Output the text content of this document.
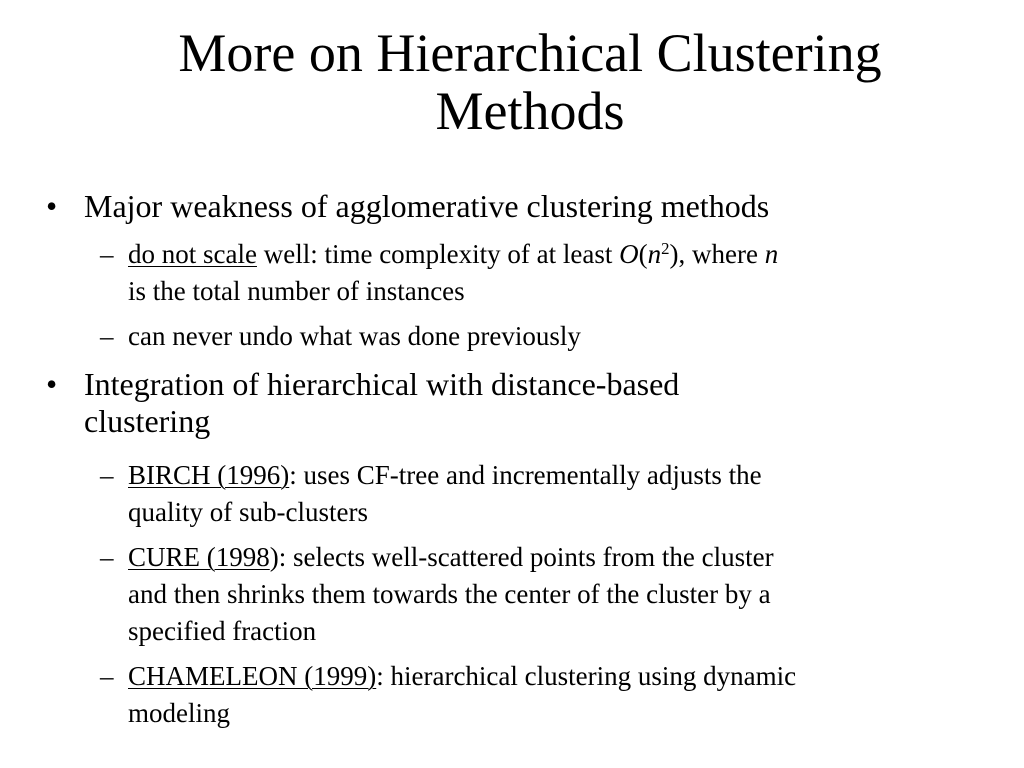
More on Hierarchical Clustering
Methods
• Major weakness of agglomerative clustering methods
– do not scale well: time complexity of at least $O(n^2)$, where n
is the total number of instances
– can never undo what was done previously
• Integration of hierarchical with distance-based
clustering
– BIRCH (1996): uses CF-tree and incrementally adjusts the
quality of sub-clusters
– CURE (1998): selects well-scattered points from the cluster
and then shrinks them towards the center of the cluster by a
specified fraction
– CHAMELEON (1999): hierarchical clustering using dynamic
modeling
